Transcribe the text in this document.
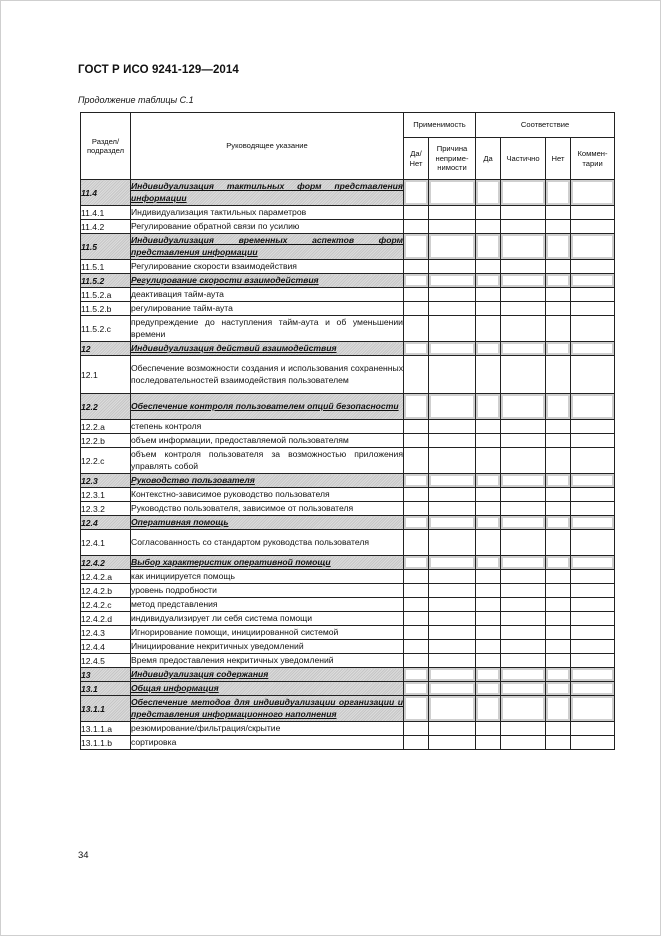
ГОСТ Р ИСО 9241-129—2014
Продолжение таблицы С.1
Раздел/ подраздел	Руководящее указание	Применимость		Соответствие			
		Да/ Нет	Причина неприме- нимости	Да	Частично	Нет	Коммен- тарии
11.4	Индивидуализация тактильных форм представления информации						
11.4.1	Индивидуализация тактильных параметров						
11.4.2	Регулирование обратной связи по усилию						
11.5	Индивидуализация временных аспектов форм представления информации						
11.5.1	Регулирование скорости взаимодействия						
11.5.2	Регулирование скорости взаимодействия						
11.5.2.a	деактивация тайм-аута						
11.5.2.b	регулирование тайм-аута						
11.5.2.c	предупреждение до наступления тайм-аута и об уменьшении времени						
12	Индивидуализация действий взаимодействия						
12.1	Обеспечение возможности создания и использования сохраненных последовательностей взаимодействия пользователем						
12.2	Обеспечение контроля пользователем опций безопасности						
12.2.a	степень контроля						
12.2.b	объем информации, предоставляемой пользователям						
12.2.c	объем контроля пользователя за возможностью приложения управлять собой						
12.3	Руководство пользователя						
12.3.1	Контекстно-зависимое руководство пользователя						
12.3.2	Руководство пользователя, зависимое от пользователя						
12.4	Оперативная помощь						
12.4.1	Согласованность со стандартом руководства пользователя						
12.4.2	Выбор характеристик оперативной помощи						
12.4.2.a	как инициируется помощь						
12.4.2.b	уровень подробности						
12.4.2.c	метод представления						
12.4.2.d	индивидуализирует ли себя система помощи						
12.4.3	Игнорирование помощи, инициированной системой						
12.4.4	Инициирование некритичных уведомлений						
12.4.5	Время предоставления некритичных уведомлений						
13	Индивидуализация содержания						
13.1	Общая информация						
13.1.1	Обеспечение методов для индивидуализации организации и представления информационного наполнения						
13.1.1.a	резюмирование/фильтрация/скрытие						
13.1.1.b	сортировка						
34
